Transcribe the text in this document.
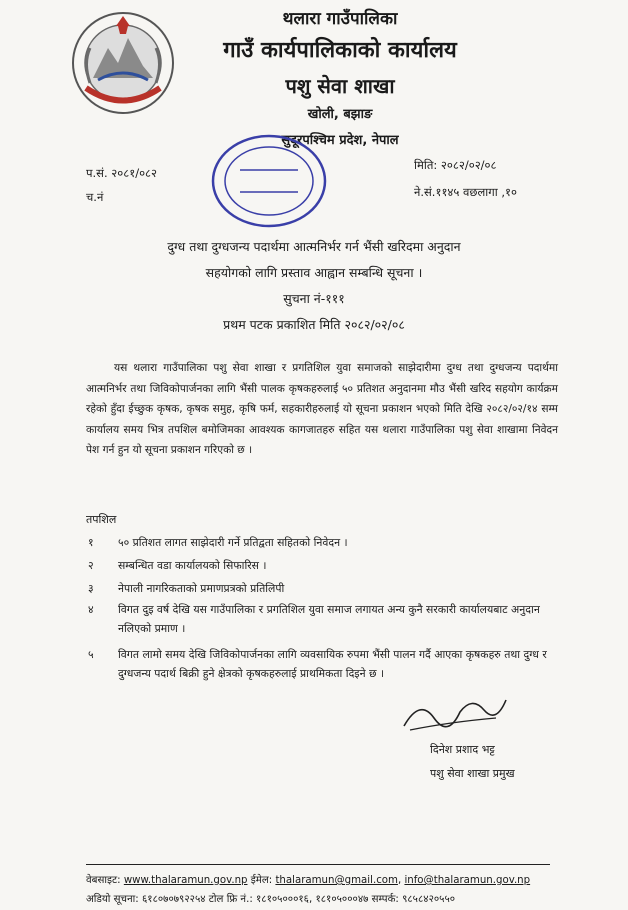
थलारा गाउँपालिका
गाउँ कार्यपालिकाको कार्यालय
पशु सेवा शाखा
खोली, बझाङ
सुदूरपश्चिम प्रदेश, नेपाल
प.सं. २०८१/०८२
च.नं
मिति: २०८२/०२/०८
ने.सं.११४५ वछलागा ,१०
दुग्ध तथा दुग्धजन्य पदार्थमा आत्मनिर्भर गर्न भैंसी खरिदमा अनुदान
सहयोगको लागि प्रस्ताव आह्वान सम्बन्धि सूचना ।
सुचना नं-१११
प्रथम पटक प्रकाशित मिति २०८२/०२/०८

यस थलारा गाउँपालिका पशु सेवा शाखा र प्रगतिशिल युवा समाजको साझेदारीमा दुग्ध तथा दुग्धजन्य पदार्थमा आत्मनिर्भर तथा जिविकोपार्जनका लागि भैंसी पालक कृषकहरुलाई ५० प्रतिशत अनुदानमा मौउ भैंसी खरिद सहयोग कार्यक्रम रहेको हुँदा ईच्छुक कृषक, कृषक समुह, कृषि फर्म, सहकारीहरुलाई यो सूचना प्रकाशन भएको मिति देखि २०८२/०२/१४ सम्म कार्यालय समय भित्र तपशिल बमोजिमका आवश्यक कागजातहरु सहित यस थलारा गाउँपालिका पशु सेवा शाखामा निवेदन पेश गर्न हुन यो सूचना प्रकाशन गरिएको छ ।

तपशिल
१ ५० प्रतिशत लागत साझेदारी गर्ने प्रतिद्वता सहितको निवेदन ।
२ सम्बन्धित वडा कार्यालयको सिफारिस ।
३ नेपाली नागरिकताको प्रमाणप्रत्रको प्रतिलिपी
४ विगत दुइ वर्ष देखि यस गाउँपालिका र प्रगतिशिल युवा समाज लगायत अन्य कुनै सरकारी कार्यालयबाट अनुदान नलिएको प्रमाण ।
५ विगत लामो समय देखि जिविकोपार्जनका लागि व्यवसायिक रुपमा भैंसी पालन गर्दै आएका कृषकहरु तथा दुग्ध र दुग्धजन्य पदार्थ बिक्री हुने क्षेत्रको कृषकहरुलाई प्राथमिकता दिइने छ ।
दिनेश प्रशाद भट्ट
पशु सेवा शाखा प्रमुख
वेबसाइट: www.thalaramun.gov.np ईमेल: thalaramun@gmail.com, info@thalaramun.gov.np
अडियो सूचना: ६१८०७०७९२२५४ टोल फ्रि नं.: १८१०५०००१६, १८१०५०००४७ सम्पर्क: ९८५८४२०५५०
